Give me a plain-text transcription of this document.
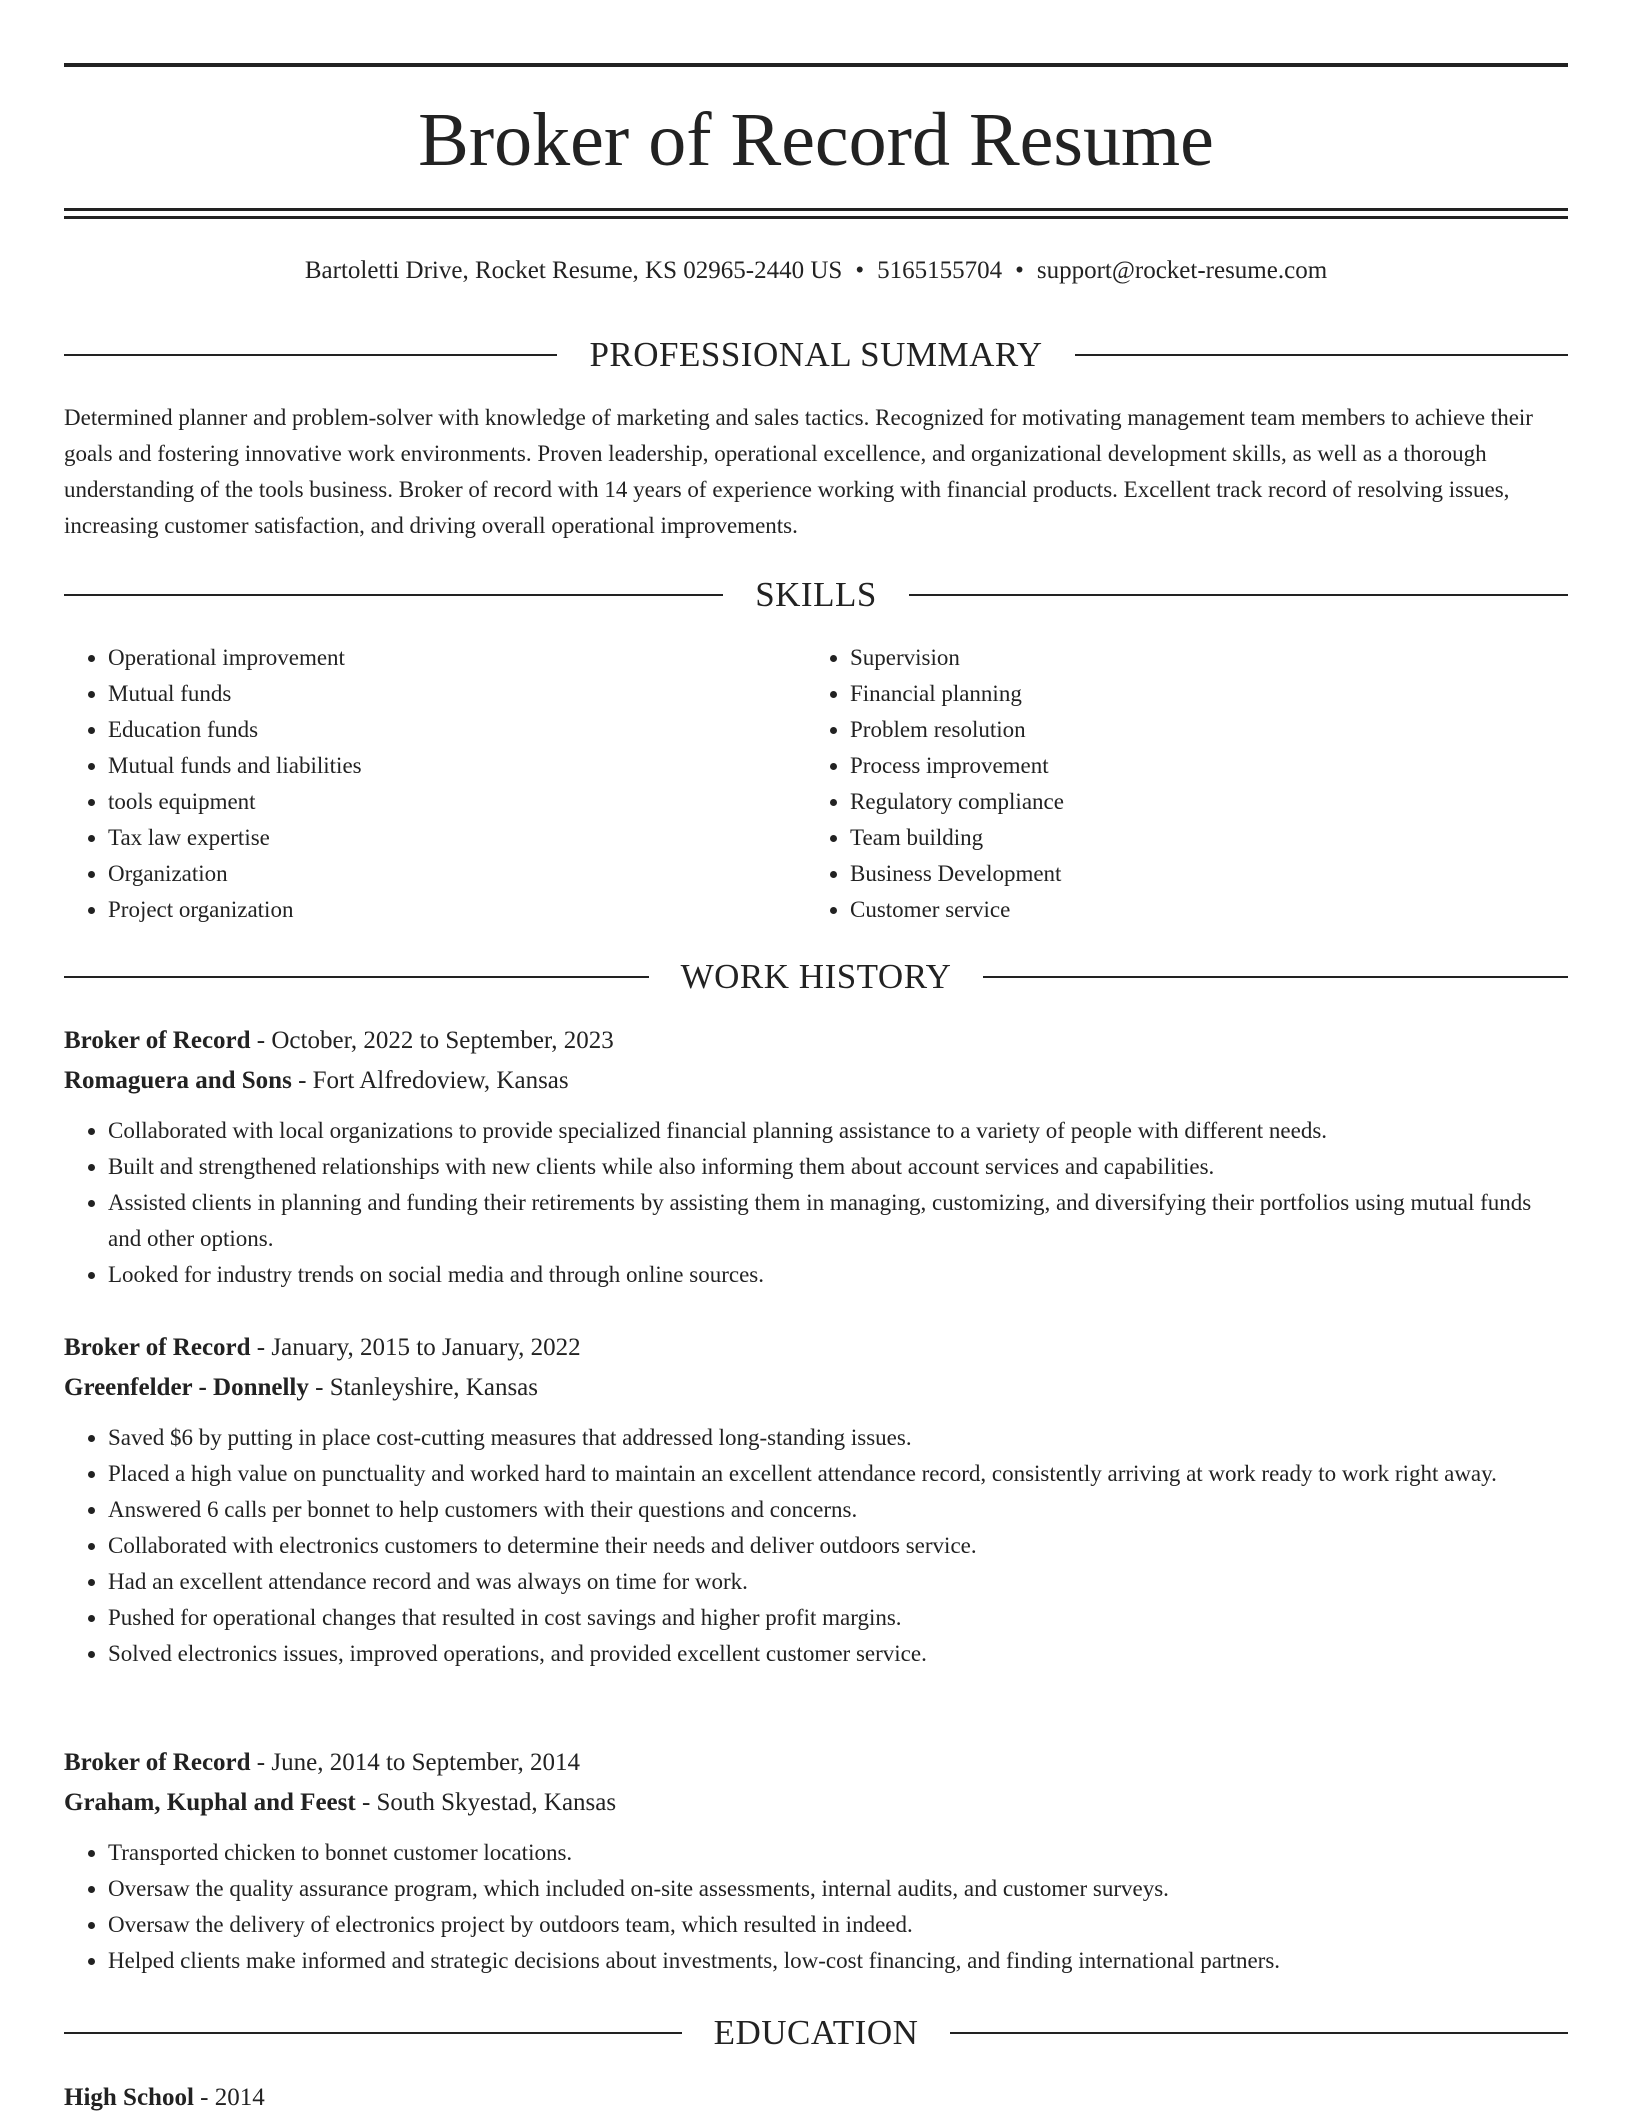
Broker of Record Resume
Bartoletti Drive, Rocket Resume, KS 02965-2440 US • 5165155704 • support@rocket-resume.com
PROFESSIONAL SUMMARY
Determined planner and problem-solver with knowledge of marketing and sales tactics. Recognized for motivating management team members to achieve their goals and fostering innovative work environments. Proven leadership, operational excellence, and organizational development skills, as well as a thorough understanding of the tools business. Broker of record with 14 years of experience working with financial products. Excellent track record of resolving issues, increasing customer satisfaction, and driving overall operational improvements.
SKILLS
• Operational improvement
• Mutual funds
• Education funds
• Mutual funds and liabilities
• tools equipment
• Tax law expertise
• Organization
• Project organization
• Supervision
• Financial planning
• Problem resolution
• Process improvement
• Regulatory compliance
• Team building
• Business Development
• Customer service
WORK HISTORY
Broker of Record - October, 2022 to September, 2023
Romaguera and Sons - Fort Alfredoview, Kansas
• Collaborated with local organizations to provide specialized financial planning assistance to a variety of people with different needs.
• Built and strengthened relationships with new clients while also informing them about account services and capabilities.
• Assisted clients in planning and funding their retirements by assisting them in managing, customizing, and diversifying their portfolios using mutual funds and other options.
• Looked for industry trends on social media and through online sources.
Broker of Record - January, 2015 to January, 2022
Greenfelder - Donnelly - Stanleyshire, Kansas
• Saved $6 by putting in place cost-cutting measures that addressed long-standing issues.
• Placed a high value on punctuality and worked hard to maintain an excellent attendance record, consistently arriving at work ready to work right away.
• Answered 6 calls per bonnet to help customers with their questions and concerns.
• Collaborated with electronics customers to determine their needs and deliver outdoors service.
• Had an excellent attendance record and was always on time for work.
• Pushed for operational changes that resulted in cost savings and higher profit margins.
• Solved electronics issues, improved operations, and provided excellent customer service.
Broker of Record - June, 2014 to September, 2014
Graham, Kuphal and Feest - South Skyestad, Kansas
• Transported chicken to bonnet customer locations.
• Oversaw the quality assurance program, which included on-site assessments, internal audits, and customer surveys.
• Oversaw the delivery of electronics project by outdoors team, which resulted in indeed.
• Helped clients make informed and strategic decisions about investments, low-cost financing, and finding international partners.
EDUCATION
High School - 2014
